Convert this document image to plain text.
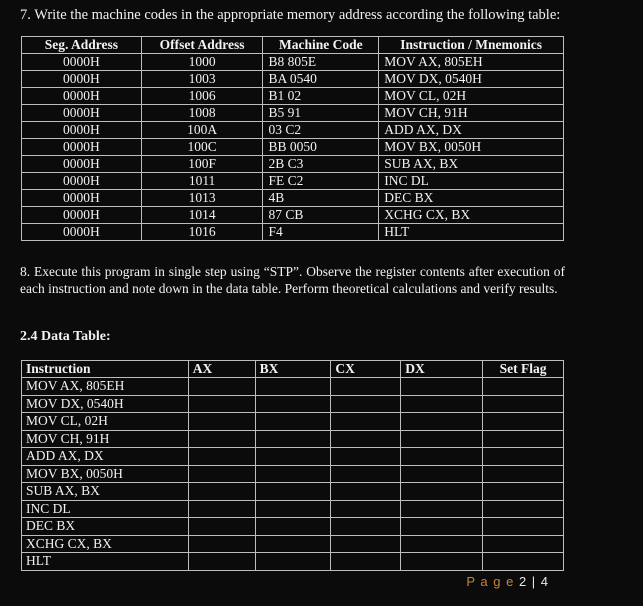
7. Write the machine codes in the appropriate memory address according the following table:
Seg. Address	Offset Address	Machine Code	Instruction / Mnemonics
0000H	1000	B8 805E	MOV AX, 805EH
0000H	1003	BA 0540	MOV DX, 0540H
0000H	1006	B1 02	MOV CL, 02H
0000H	1008	B5 91	MOV CH, 91H
0000H	100A	03 C2	ADD AX, DX
0000H	100C	BB 0050	MOV BX, 0050H
0000H	100F	2B C3	SUB AX, BX
0000H	1011	FE C2	INC DL
0000H	1013	4B	DEC BX
0000H	1014	87 CB	XCHG CX, BX
0000H	1016	F4	HLT
8. Execute this program in single step using “STP”. Observe the register contents after execution of each instruction and note down in the data table. Perform theoretical calculations and verify results.
2.4 Data Table:
Instruction	AX	BX	CX	DX	Set Flag
MOV AX, 805EH					
MOV DX, 0540H					
MOV CL, 02H					
MOV CH, 91H					
ADD AX, DX					
MOV BX, 0050H					
SUB AX, BX					
INC DL					
DEC BX					
XCHG CX, BX					
HLT					
P a g e 2 | 4
